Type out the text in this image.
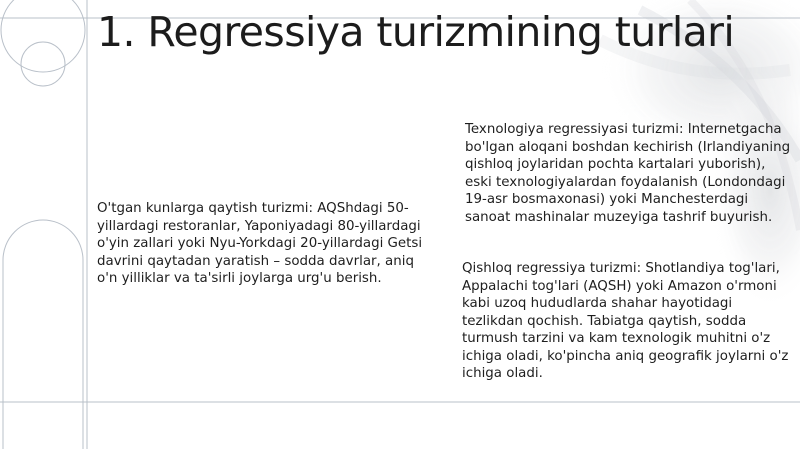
1. Regressiya turizmining turlari

O'tgan kunlarga qaytish turizmi: AQShdagi 50-yillardagi restoranlar, Yaponiyadagi 80-yillardagi o'yin zallari yoki Nyu-Yorkdagi 20-yillardagi Getsi davrini qaytadan yaratish – sodda davrlar, aniq o'n yilliklar va ta'sirli joylarga urg'u berish.

Texnologiya regressiyasi turizmi: Internetgacha bo'lgan aloqani boshdan kechirish (Irlandiyaning qishloq joylaridan pochta kartalari yuborish), eski texnologiyalardan foydalanish (Londondagi 19-asr bosmaxonasi) yoki Manchesterdagi sanoat mashinalar muzeyiga tashrif buyurish.

Qishloq regressiya turizmi: Shotlandiya tog'lari, Appalachi tog'lari (AQSH) yoki Amazon o'rmoni kabi uzoq hududlarda shahar hayotidagi tezlikdan qochish. Tabiatga qaytish, sodda turmush tarzini va kam texnologik muhitni o'z ichiga oladi, ko'pincha aniq geografik joylarni o'z ichiga oladi.
